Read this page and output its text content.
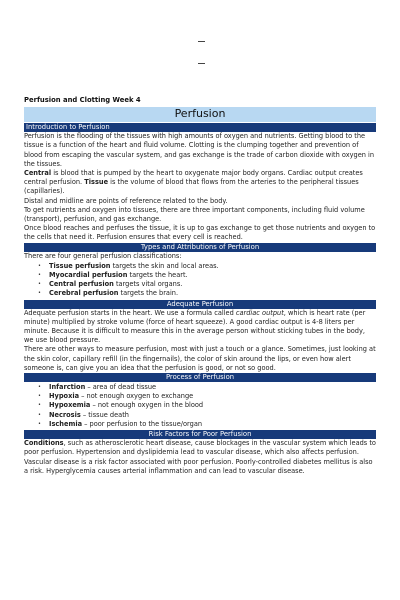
Perfusion and Clotting Week 4
Perfusion
Introduction to Perfusion

Perfusion is the flooding of the tissues with high amounts of oxygen and nutrients. Getting blood to the tissue is a function of the heart and fluid volume. Clotting is the clumping together and prevention of blood from escaping the vascular system, and gas exchange is the trade of carbon dioxide with oxygen in the tissues.

Central is blood that is pumped by the heart to oxygenate major body organs. Cardiac output creates central perfusion. Tissue is the volume of blood that flows from the arteries to the peripheral tissues (capillaries).

Distal and midline are points of reference related to the body.

To get nutrients and oxygen into tissues, there are three important components, including fluid volume (transport), perfusion, and gas exchange.

Once blood reaches and perfuses the tissue, it is up to gas exchange to get those nutrients and oxygen to the cells that need it. Perfusion ensures that every cell is reached.

Types and Attributions of Perfusion

There are four general perfusion classifications:

• Tissue perfusion targets the skin and local areas.
• Myocardial perfusion targets the heart.
• Central perfusion targets vital organs.
• Cerebral perfusion targets the brain.
Adequate Perfusion

Adequate perfusion starts in the heart. We use a formula called cardiac output, which is heart rate (per minute) multiplied by stroke volume (force of heart squeeze). A good cardiac output is 4-8 liters per minute. Because it is difficult to measure this in the average person without sticking tubes in the body, we use blood pressure.

There are other ways to measure perfusion, most with just a touch or a glance. Sometimes, just looking at the skin color, capillary refill (in the fingernails), the color of skin around the lips, or even how alert someone is, can give you an idea that the perfusion is good, or not so good.

Process of Perfusion
• Infarction – area of dead tissue
• Hypoxia – not enough oxygen to exchange
• Hypoxemia – not enough oxygen in the blood
• Necrosis – tissue death
• Ischemia – poor perfusion to the tissue/organ
Risk Factors for Poor Perfusion

Conditions, such as atherosclerotic heart disease, cause blockages in the vascular system which leads to poor perfusion. Hypertension and dyslipidemia lead to vascular disease, which also affects perfusion. Vascular disease is a risk factor associated with poor perfusion. Poorly-controlled diabetes mellitus is also a risk. Hyperglycemia causes arterial inflammation and can lead to vascular disease.
